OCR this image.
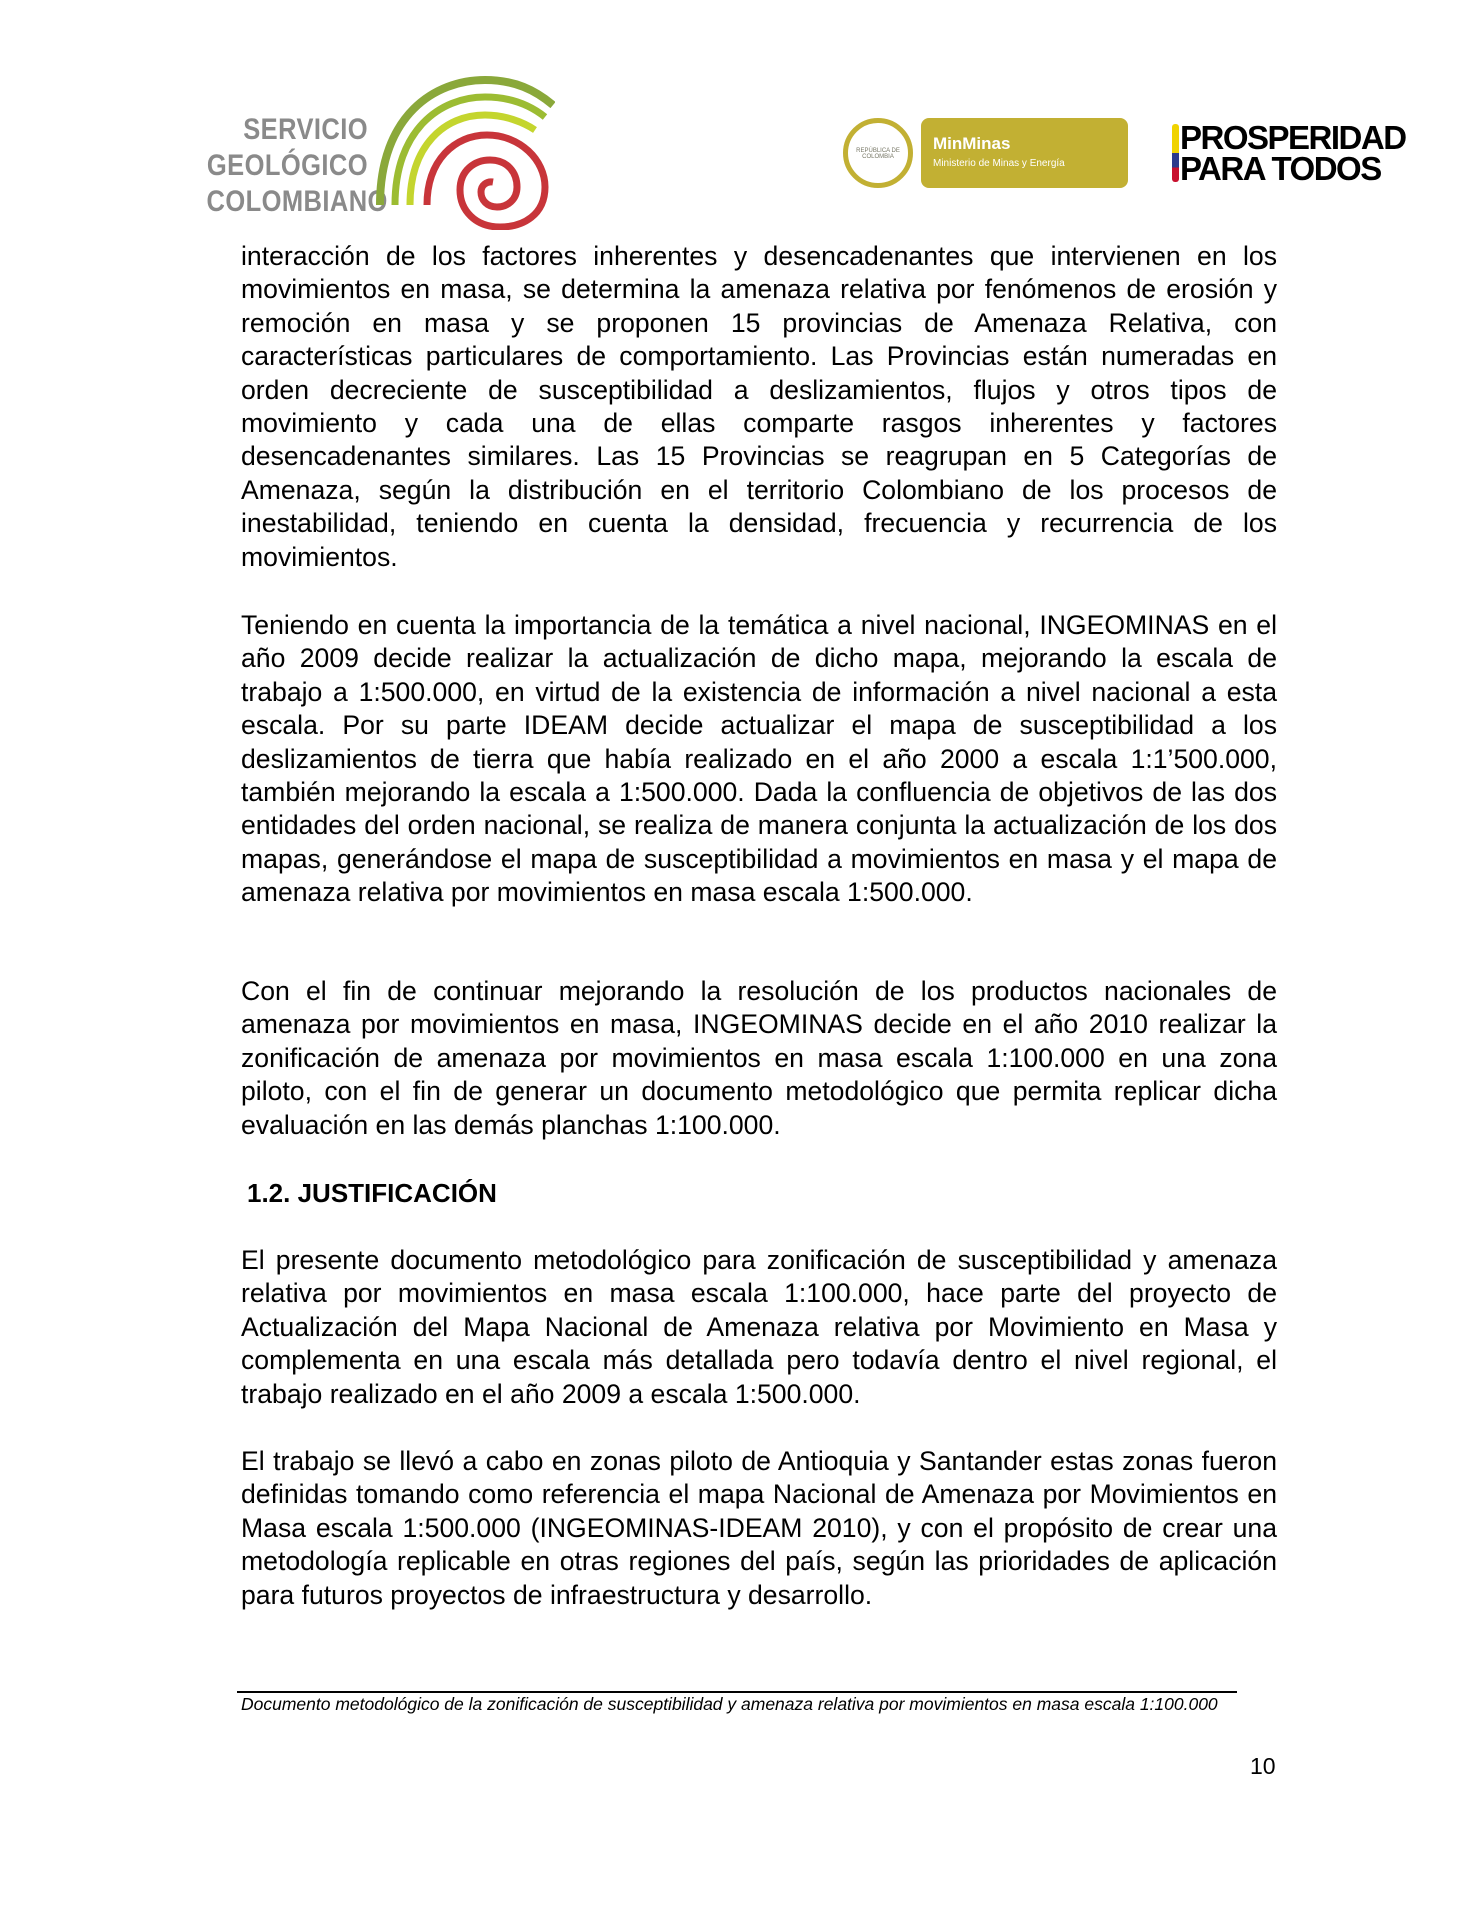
SERVICIO
GEOLÓGICO
COLOMBIANO
REPÚBLICA DE COLOMBIA
MinMinas
Ministerio de Minas y Energía
PROSPERIDAD
PARA TODOS

interacción de los factores inherentes y desencadenantes que intervienen en los movimientos en masa, se determina la amenaza relativa por fenómenos de erosión y remoción en masa y se proponen 15 provincias de Amenaza Relativa, con características particulares de comportamiento. Las Provincias están numeradas en orden decreciente de susceptibilidad a deslizamientos, flujos y otros tipos de movimiento y cada una de ellas comparte rasgos inherentes y factores desencadenantes similares. Las 15 Provincias se reagrupan en 5 Categorías de Amenaza, según la distribución en el territorio Colombiano de los procesos de inestabilidad, teniendo en cuenta la densidad, frecuencia y recurrencia de los movimientos.

Teniendo en cuenta la importancia de la temática a nivel nacional, INGEOMINAS en el año 2009 decide realizar la actualización de dicho mapa, mejorando la escala de trabajo a 1:500.000, en virtud de la existencia de información a nivel nacional a esta escala. Por su parte IDEAM decide actualizar el mapa de susceptibilidad a los deslizamientos de tierra que había realizado en el año 2000 a escala 1:1’500.000, también mejorando la escala a 1:500.000. Dada la confluencia de objetivos de las dos entidades del orden nacional, se realiza de manera conjunta la actualización de los dos mapas, generándose el mapa de susceptibilidad a movimientos en masa y el mapa de amenaza relativa por movimientos en masa escala 1:500.000.

Con el fin de continuar mejorando la resolución de los productos nacionales de amenaza por movimientos en masa, INGEOMINAS decide en el año 2010 realizar la zonificación de amenaza por movimientos en masa escala 1:100.000 en una zona piloto, con el fin de generar un documento metodológico que permita replicar dicha evaluación en las demás planchas 1:100.000.

1.2. JUSTIFICACIÓN

El presente documento metodológico para zonificación de susceptibilidad y amenaza relativa por movimientos en masa escala 1:100.000, hace parte del proyecto de Actualización del Mapa Nacional de Amenaza relativa por Movimiento en Masa y complementa en una escala más detallada pero todavía dentro el nivel regional, el trabajo realizado en el año 2009 a escala 1:500.000.

El trabajo se llevó a cabo en zonas piloto de Antioquia y Santander estas zonas fueron definidas tomando como referencia el mapa Nacional de Amenaza por Movimientos en Masa escala 1:500.000 (INGEOMINAS-IDEAM 2010), y con el propósito de crear una metodología replicable en otras regiones del país, según las prioridades de aplicación para futuros proyectos de infraestructura y desarrollo.

Documento metodológico de la zonificación de susceptibilidad y amenaza relativa por movimientos en masa escala 1:100.000
10
